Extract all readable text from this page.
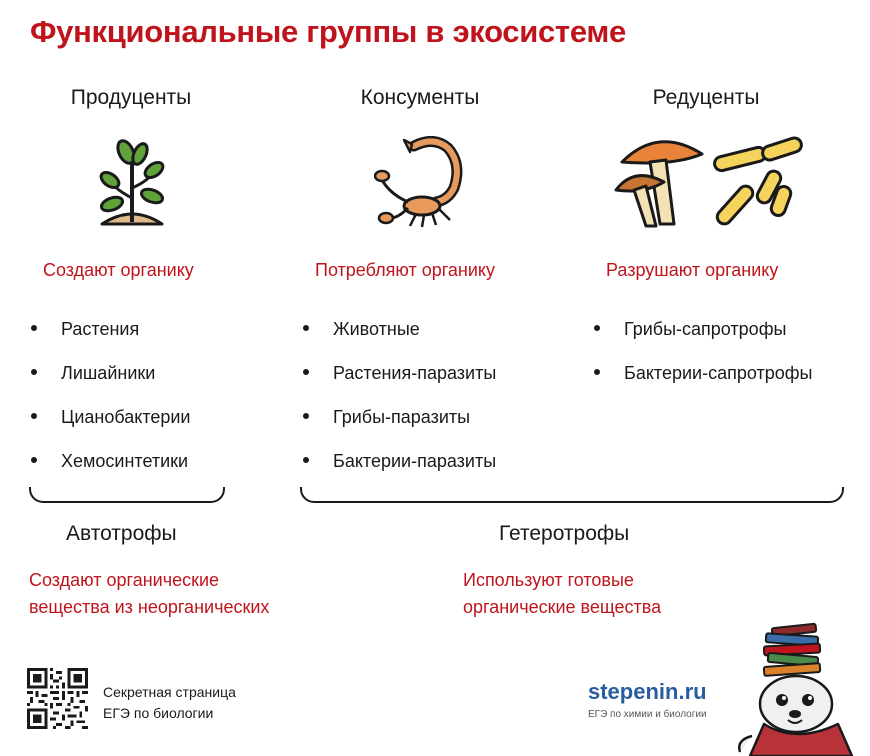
Функциональные группы в экосистеме
Продуценты	Консументы	Редуценты
Создают органику	Потребляют органику	Разрушают органику
Растения
Лишайники
Цианобактерии
Хемосинтетики
Животные
Растения-паразиты
Грибы-паразиты
Бактерии-паразиты
Грибы-сапротрофы
Бактерии-сапротрофы
Автотрофы	Гетеротрофы
Создают органические
вещества из неорганических
Используют готовые
органические вещества
Секретная страница
ЕГЭ по биологии
stepenin.ru
ЕГЭ по химии и биологии
